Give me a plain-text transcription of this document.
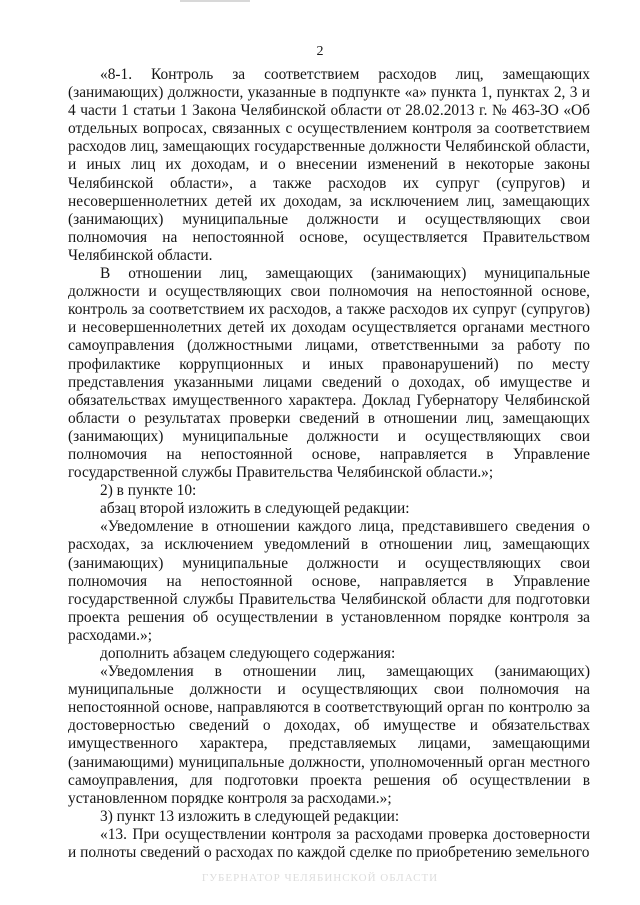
2

«8-1. Контроль за соответствием расходов лиц, замещающих (занимающих) должности, указанные в подпункте «а» пункта 1, пунктах 2, 3 и 4 части 1 статьи 1 Закона Челябинской области от 28.02.2013 г. № 463-ЗО «Об отдельных вопросах, связанных с осуществлением контроля за соответствием расходов лиц, замещающих государственные должности Челябинской области, и иных лиц их доходам, и о внесении изменений в некоторые законы Челябинской области», а также расходов их супруг (супругов) и несовершеннолетних детей их доходам, за исключением лиц, замещающих (занимающих) муниципальные должности и осуществляющих свои полномочия на непостоянной основе, осуществляется Правительством Челябинской области.

В отношении лиц, замещающих (занимающих) муниципальные должности и осуществляющих свои полномочия на непостоянной основе, контроль за соответствием их расходов, а также расходов их супруг (супругов) и несовершеннолетних детей их доходам осуществляется органами местного самоуправления (должностными лицами, ответственными за работу по профилактике коррупционных и иных правонарушений) по месту представления указанными лицами сведений о доходах, об имуществе и обязательствах имущественного характера. Доклад Губернатору Челябинской области о результатах проверки сведений в отношении лиц, замещающих (занимающих) муниципальные должности и осуществляющих свои полномочия на непостоянной основе, направляется в Управление государственной службы Правительства Челябинской области.»;

2) в пункте 10:

абзац второй изложить в следующей редакции:

«Уведомление в отношении каждого лица, представившего сведения о расходах, за исключением уведомлений в отношении лиц, замещающих (занимающих) муниципальные должности и осуществляющих свои полномочия на непостоянной основе, направляется в Управление государственной службы Правительства Челябинской области для подготовки проекта решения об осуществлении в установленном порядке контроля за расходами.»;

дополнить абзацем следующего содержания:

«Уведомления в отношении лиц, замещающих (занимающих) муниципальные должности и осуществляющих свои полномочия на непостоянной основе, направляются в соответствующий орган по контролю за достоверностью сведений о доходах, об имуществе и обязательствах имущественного характера, представляемых лицами, замещающими (занимающими) муниципальные должности, уполномоченный орган местного самоуправления, для подготовки проекта решения об осуществлении в установленном порядке контроля за расходами.»;

3) пункт 13 изложить в следующей редакции:

«13. При осуществлении контроля за расходами проверка достоверности и полноты сведений о расходах по каждой сделке по приобретению земельного

ГУБЕРНАТОР ЧЕЛЯБИНСКОЙ ОБЛАСТИ
